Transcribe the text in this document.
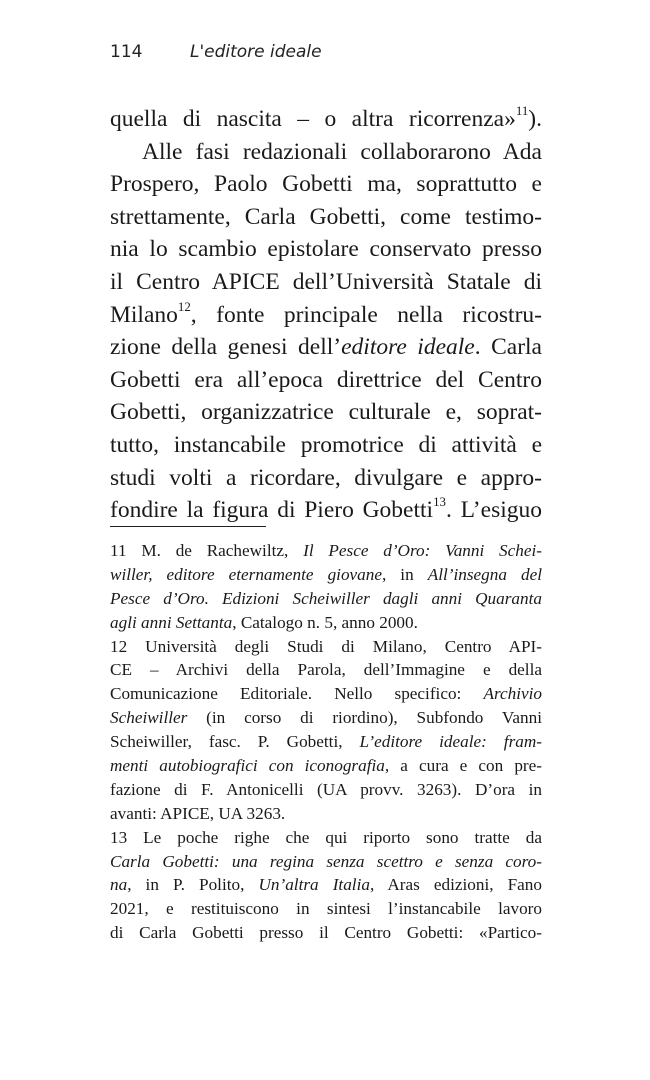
114	L'editore ideale
quella di nascita – o altra ricorrenza»$^{11}$).
Alle fasi redazionali collaborarono Ada
Prospero, Paolo Gobetti ma, soprattutto e
strettamente, Carla Gobetti, come testimo-
nia lo scambio epistolare conservato presso
il Centro APICE dell’Università Statale di
Milano$^{12}$, fonte principale nella ricostru-
zione della genesi dell’editore ideale. Carla
Gobetti era all’epoca direttrice del Centro
Gobetti, organizzatrice culturale e, soprat-
tutto, instancabile promotrice di attività e
studi volti a ricordare, divulgare e appro-
fondire la figura di Piero Gobetti$^{13}$. L’esiguo
11 M. de Rachewiltz, Il Pesce d’Oro: Vanni Schei-
willer, editore eternamente giovane, in All’insegna del
Pesce d’Oro. Edizioni Scheiwiller dagli anni Quaranta
agli anni Settanta, Catalogo n. 5, anno 2000.
12 Università degli Studi di Milano, Centro API-
CE – Archivi della Parola, dell’Immagine e della
Comunicazione Editoriale. Nello specifico: Archivio
Scheiwiller (in corso di riordino), Subfondo Vanni
Scheiwiller, fasc. P. Gobetti, L’editore ideale: fram-
menti autobiografici con iconografia, a cura e con pre-
fazione di F. Antonicelli (UA provv. 3263). D’ora in
avanti: APICE, UA 3263.
13 Le poche righe che qui riporto sono tratte da
Carla Gobetti: una regina senza scettro e senza coro-
na, in P. Polito, Un’altra Italia, Aras edizioni, Fano
2021, e restituiscono in sintesi l’instancabile lavoro
di Carla Gobetti presso il Centro Gobetti: «Partico-
